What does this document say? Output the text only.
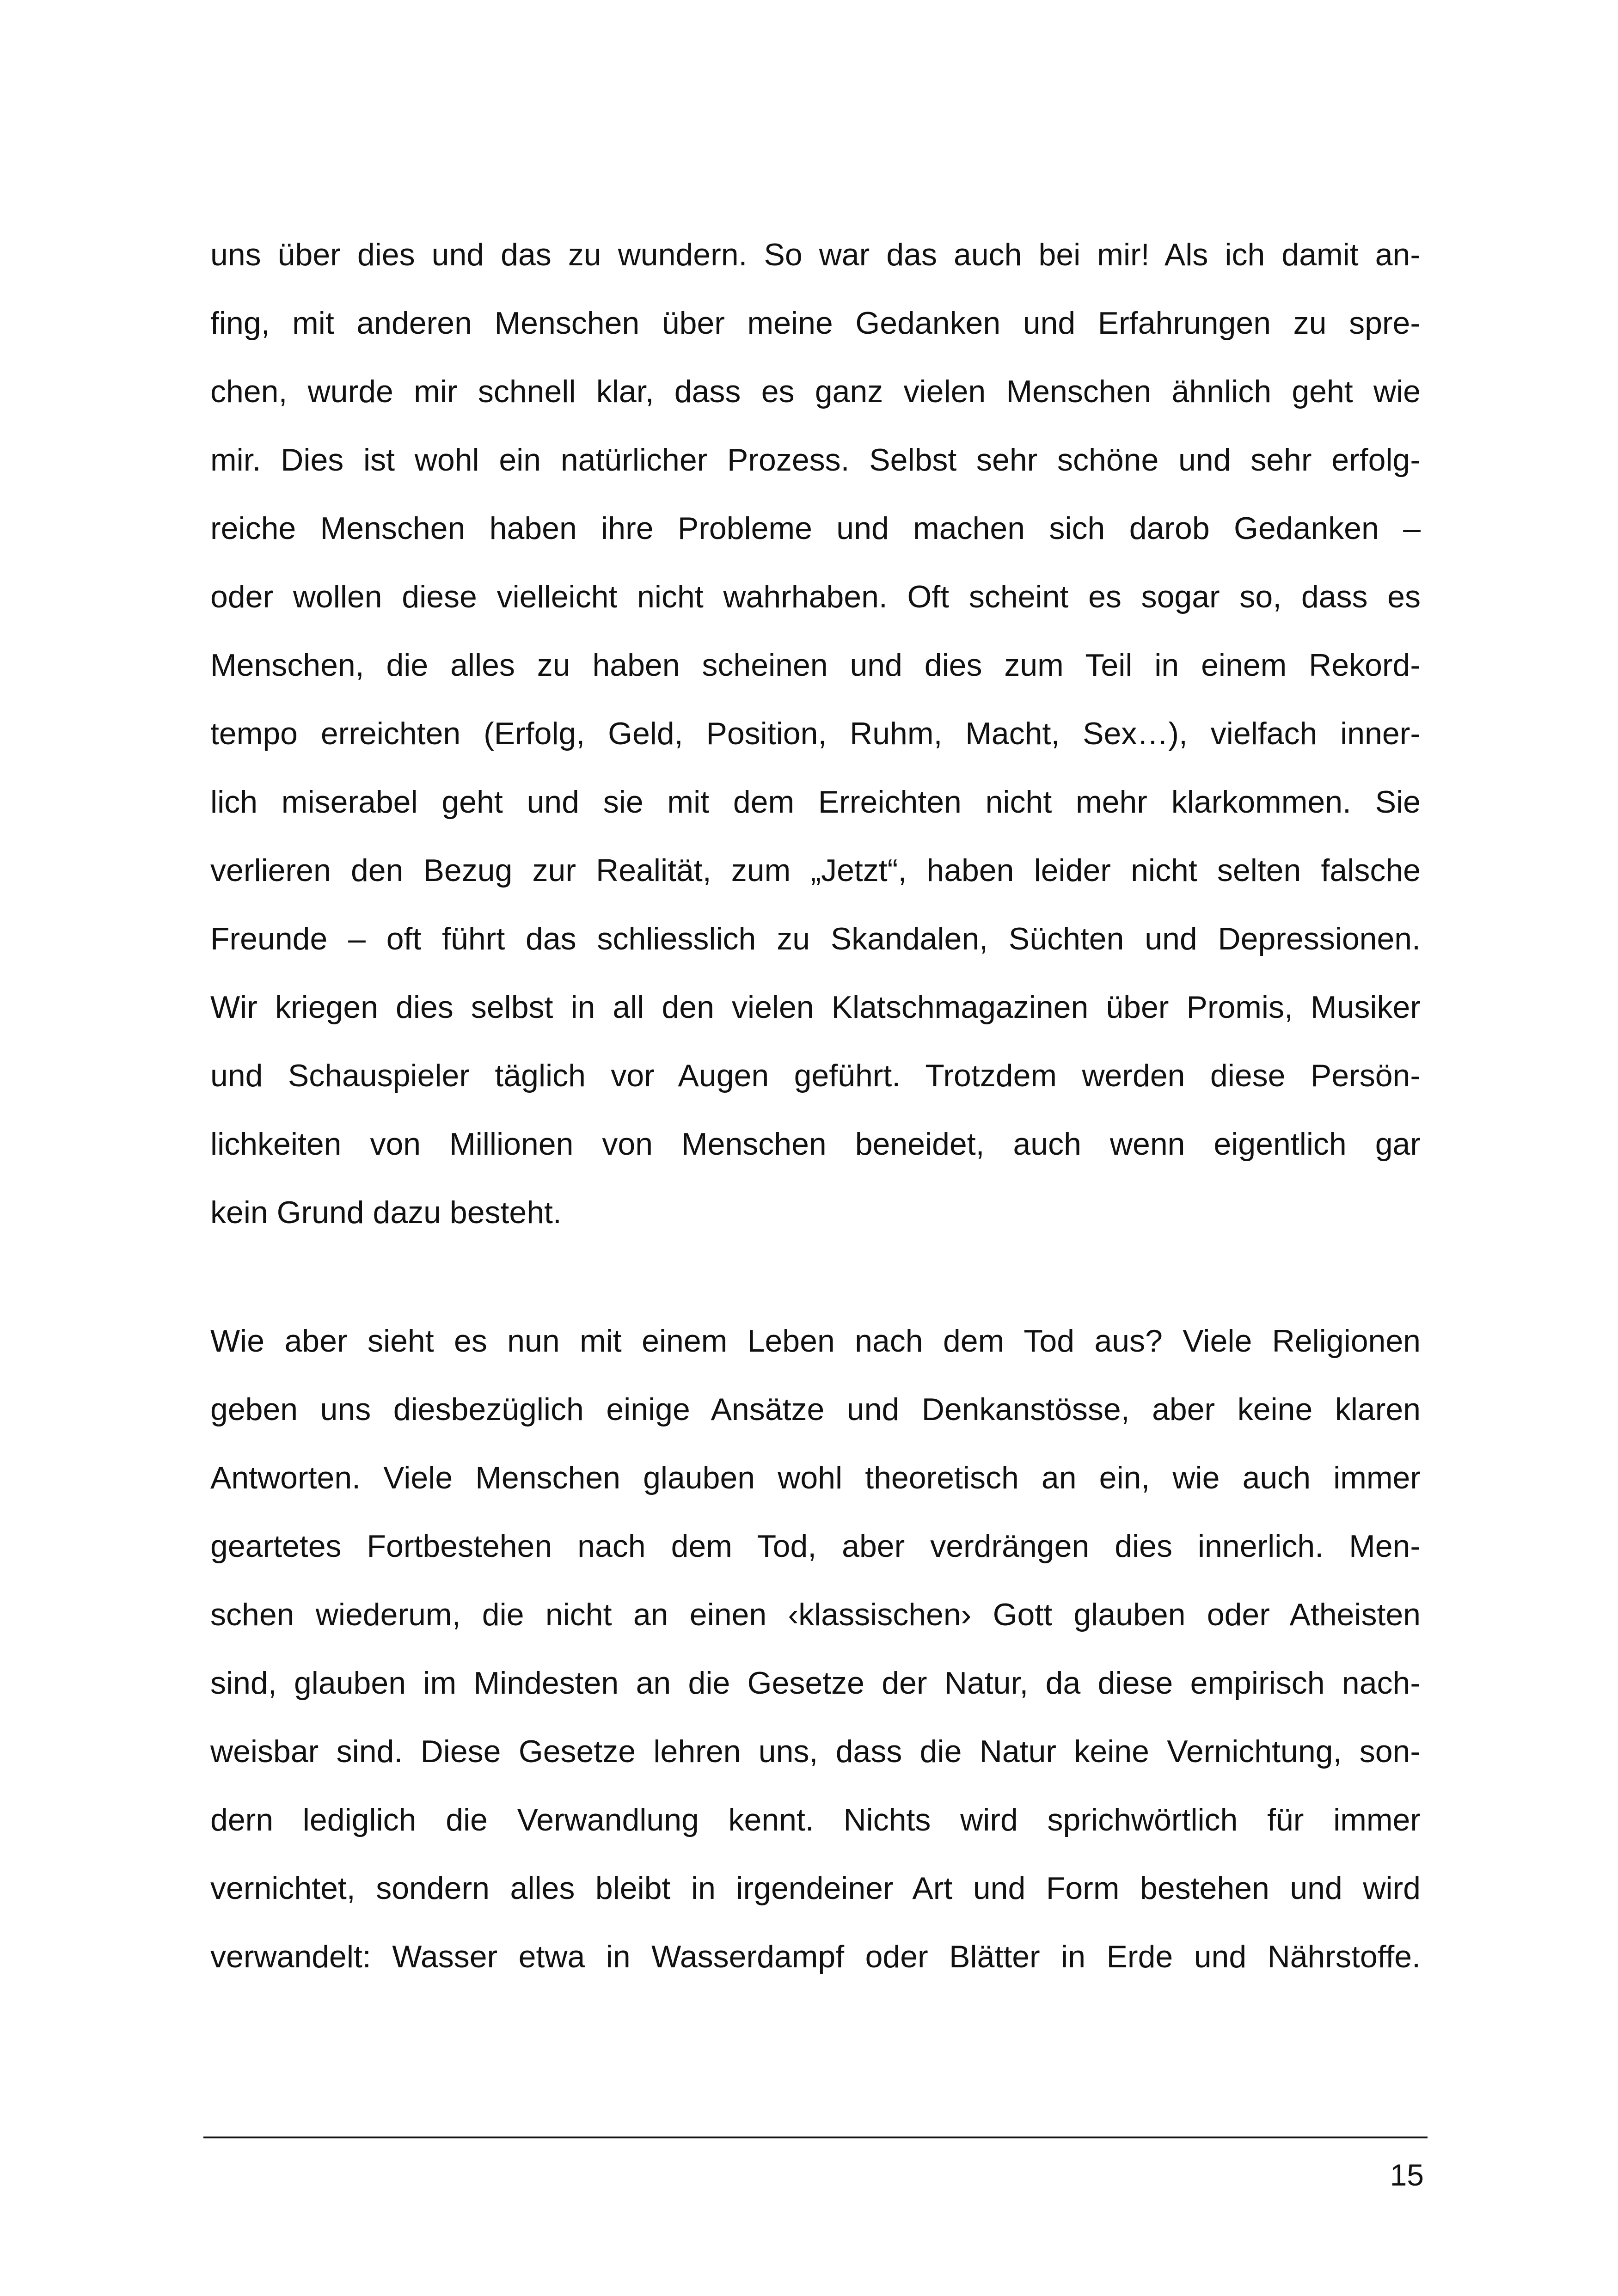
uns über dies und das zu wundern. So war das auch bei mir! Als ich damit an-
fing, mit anderen Menschen über meine Gedanken und Erfahrungen zu spre-
chen, wurde mir schnell klar, dass es ganz vielen Menschen ähnlich geht wie
mir. Dies ist wohl ein natürlicher Prozess. Selbst sehr schöne und sehr erfolg-
reiche Menschen haben ihre Probleme und machen sich darob Gedanken –
oder wollen diese vielleicht nicht wahrhaben. Oft scheint es sogar so, dass es
Menschen, die alles zu haben scheinen und dies zum Teil in einem Rekord-
tempo erreichten (Erfolg, Geld, Position, Ruhm, Macht, Sex…), vielfach inner-
lich miserabel geht und sie mit dem Erreichten nicht mehr klarkommen. Sie
verlieren den Bezug zur Realität, zum „Jetzt“, haben leider nicht selten falsche
Freunde – oft führt das schliesslich zu Skandalen, Süchten und Depressionen.
Wir kriegen dies selbst in all den vielen Klatschmagazinen über Promis, Musiker
und Schauspieler täglich vor Augen geführt. Trotzdem werden diese Persön-
lichkeiten von Millionen von Menschen beneidet, auch wenn eigentlich gar
kein Grund dazu besteht.
Wie aber sieht es nun mit einem Leben nach dem Tod aus? Viele Religionen
geben uns diesbezüglich einige Ansätze und Denkanstösse, aber keine klaren
Antworten. Viele Menschen glauben wohl theoretisch an ein, wie auch immer
geartetes Fortbestehen nach dem Tod, aber verdrängen dies innerlich. Men-
schen wiederum, die nicht an einen ‹klassischen› Gott glauben oder Atheisten
sind, glauben im Mindesten an die Gesetze der Natur, da diese empirisch nach-
weisbar sind. Diese Gesetze lehren uns, dass die Natur keine Vernichtung, son-
dern lediglich die Verwandlung kennt. Nichts wird sprichwörtlich für immer
vernichtet, sondern alles bleibt in irgendeiner Art und Form bestehen und wird
verwandelt: Wasser etwa in Wasserdampf oder Blätter in Erde und Nährstoffe.
15
